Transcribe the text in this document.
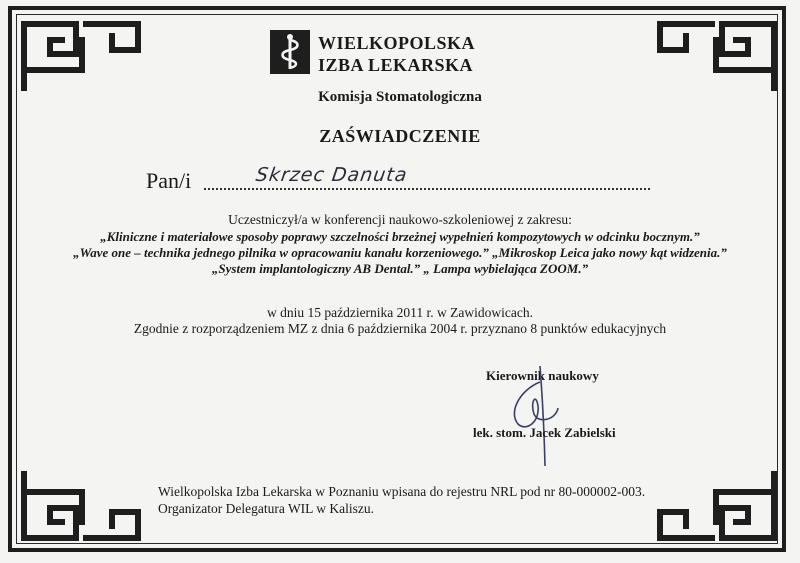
WIELKOPOLSKA
IZBA LEKARSKA
Komisja Stomatologiczna
ZAŚWIADCZENIE
Pan/i	Skrzec Danuta
Uczestniczył/a w konferencji naukowo-szkoleniowej z zakresu:
„Kliniczne i materiałowe sposoby poprawy szczelności brzeżnej wypełnień kompozytowych w odcinku bocznym.”
„Wave one – technika jednego pilnika w opracowaniu kanału korzeniowego.” „Mikroskop Leica jako nowy kąt widzenia.”
„System implantologiczny AB Dental.” „ Lampa wybielająca ZOOM.”
w dniu 15 października 2011 r. w Zawidowicach.
Zgodnie z rozporządzeniem MZ z dnia 6 października 2004 r. przyznano 8 punktów edukacyjnych
Kierownik naukowy
lek. stom. Jacek Zabielski
Wielkopolska Izba Lekarska w Poznaniu wpisana do rejestru NRL pod nr 80-000002-003.
Organizator Delegatura WIL w Kaliszu.
